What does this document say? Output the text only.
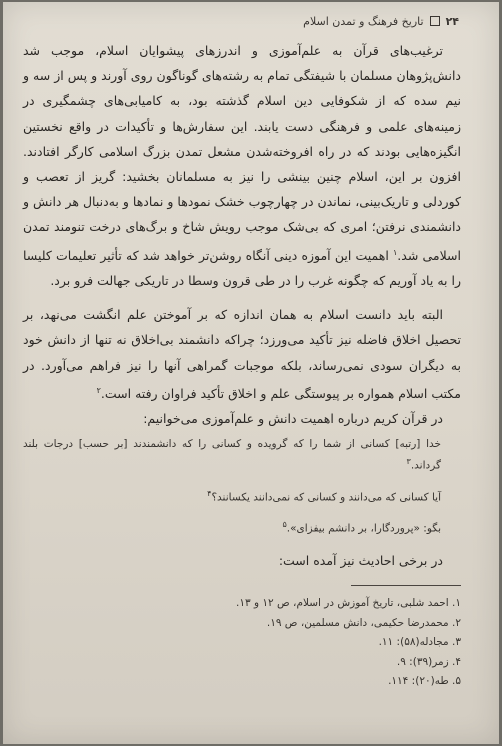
۲۴
تاریخ فرهنگ و تمدن اسلام

ترغیب‌های قرآن به علم‌آموزی و اندرزهای پیشوایان اسلام، موجب شد دانش‌پژوهان مسلمان با شیفتگی تمام به رشته‌های گوناگون روی آورند و پس از سه و نیم سده که از شکوفایی دین اسلام گذشته بود، به کامیابی‌های چشمگیری در زمینه‌های علمی و فرهنگی دست یابند. این سفارش‌ها و تأکیدات در واقع نخستین انگیزه‌هایی بودند که در راه افروخته‌شدن مشعل تمدن بزرگ اسلامی کارگر افتادند. افزون بر این، اسلام چنین بینشی را نیز به مسلمانان بخشید: گریز از تعصب و کوردلی و تاریک‌بینی، نماندن در چهارچوب خشک نمودها و نمادها و به‌دنبال هر دانش و دانشمندی نرفتن؛ امری که بی‌شک موجب رویش شاخ و برگ‌های درخت تنومند تمدن اسلامی شد.$^۱$ اهمیت این آموزه دینی آنگاه روشن‌تر خواهد شد که تأثیر تعلیمات کلیسا را به یاد آوریم که چگونه غرب را در طی قرون وسطا در تاریکی جهالت فرو برد.

البته باید دانست اسلام به همان اندازه که بر آموختن علم انگشت می‌نهد، بر تحصیل اخلاق فاضله نیز تأکید می‌ورزد؛ چراکه دانشمند بی‌اخلاق نه تنها از دانش خود به دیگران سودی نمی‌رساند، بلکه موجبات گمراهی آنها را نیز فراهم می‌آورد. در مکتب اسلام همواره بر پیوستگی علم و اخلاق تأکید فراوان رفته است.$^۲$

در قرآن کریم درباره اهمیت دانش و علم‌آموزی می‌خوانیم:

خدا [رتبه] کسانی از شما را که گرویده و کسانی را که دانشمندند [بر حسب] درجات بلند گرداند.$^۳$

آیا کسانی که می‌دانند و کسانی که نمی‌دانند یکسانند؟$^۴$

بگو: «پروردگارا، بر دانشم بیفزای».$^۵$

در برخی احادیث نیز آمده است:

۱. احمد شلبی، تاریخ آموزش در اسلام، ص ۱۲ و ۱۳.

۲. محمدرضا حکیمی، دانش مسلمین، ص ۱۹.

۳. مجادله(۵۸): ۱۱.

۴. زمر(۳۹): ۹.

۵. طه(۲۰): ۱۱۴.
